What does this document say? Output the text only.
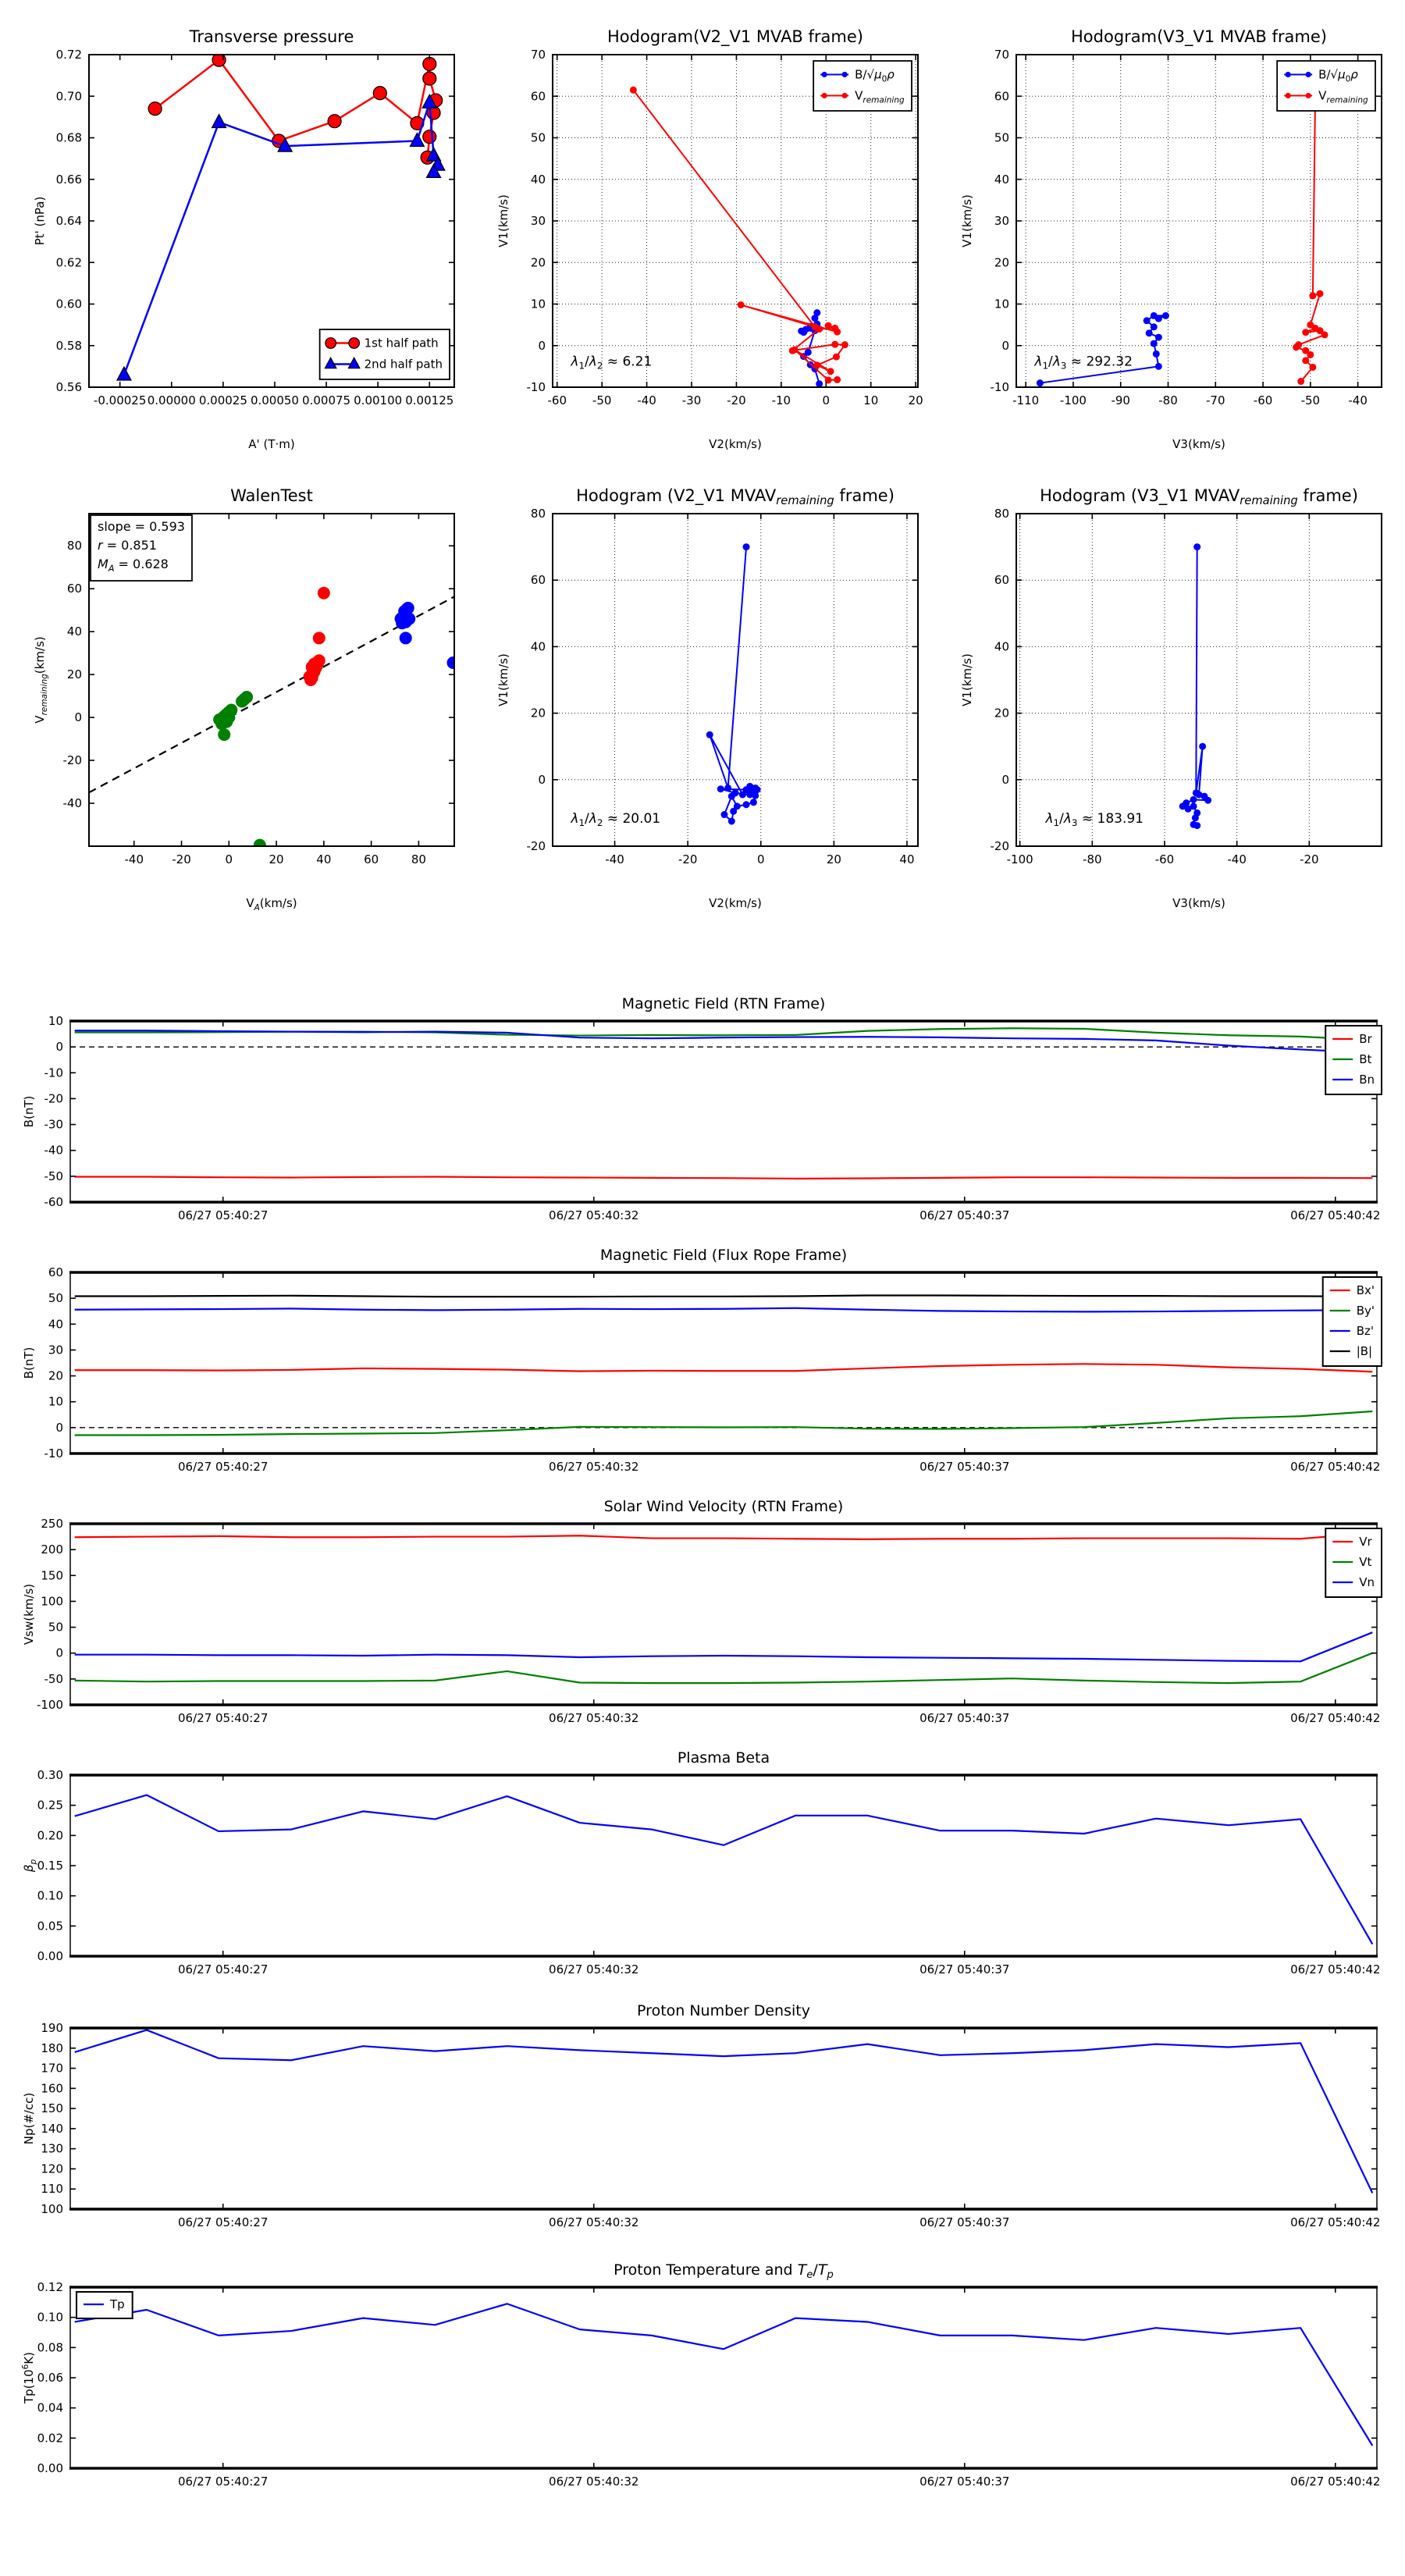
-0.00025 0.00000 0.00025 0.00050 0.00075 0.00100 0.00125
0.56
0.58
0.60
0.62
0.64
0.66
0.68
0.70
0.72
A' (T·m)
Pt' (nPa)
Transverse pressure
1st half path
2nd half path
-60 -50 -40 -30 -20 -10	0	10	20
-10
0
10
20
30
40
50
60
70
V2(km/s)
V1(km/s)
Hodogram(V2_V1 MVAB frame)
$B/√\mu_0\rho$
$V_{remaining}$
$\lambda_1/\lambda_2 \approx 6.21$
-110 -100 -90 -80 -70 -60 -50 -40
-10
0
10
20
30
40
50
60
70
V3(km/s)
V1(km/s)
Hodogram(V3_V1 MVAB frame)
$B/√\mu_0\rho$
$V_{remaining}$
$\lambda_1/\lambda_3 \approx 292.32$
-40 -20	0	20	40	60	80
-40
-20
0
20
40
60
80
$V_A(km/s)$
$V_{remaining}(km/s)$
WalenTest
slope = 0.593
r = 0.851
$M_A = 0.628$
-40	-20	0	20	40
-20
0
20
40
60
80
V2(km/s)
V1(km/s)
Hodogram (V2_V1 MVAVremaining frame)
$\lambda_1/\lambda_2 \approx 20.01$
-100	-80	-60	-40	-20
-20
0
20
40
60
80
V3(km/s)
V1(km/s)
Hodogram (V3_V1 MVAVremaining frame)
$\lambda_1/\lambda_3 \approx 183.91$
06/27 05:40:27	06/27 05:40:32	06/27 05:40:37	06/27 05:40:42
-60
-50
-40
-30
-20
-10
0
10
B(nT)
Magnetic Field (RTN Frame)
Br
Bt
Bn
06/27 05:40:27	06/27 05:40:32	06/27 05:40:37	06/27 05:40:42
-10
0
10
20
30
40
50
60
B(nT)
Magnetic Field (Flux Rope Frame)
Bx'
By'
Bz'
|B|
06/27 05:40:27	06/27 05:40:32	06/27 05:40:37	06/27 05:40:42
-100
-50
0
50
100
150
200
250
Vsw(km/s)
Solar Wind Velocity (RTN Frame)
Vr
Vt
Vn
06/27 05:40:27	06/27 05:40:32	06/27 05:40:37	06/27 05:40:42
0.00
0.05
0.10
0.15
0.20
0.25
0.30
$\beta_p$
Plasma Beta
06/27 05:40:27	06/27 05:40:32	06/27 05:40:37	06/27 05:40:42
100
110
120
130
140
150
160
170
180
190
Np(#/cc)
Proton Number Density
06/27 05:40:27	06/27 05:40:32	06/27 05:40:37	06/27 05:40:42
0.00
0.02
0.04
0.06
0.08
0.10
0.12
$Tp(10^6K)$
Proton Temperature and $T_e/T_p$
Tp
